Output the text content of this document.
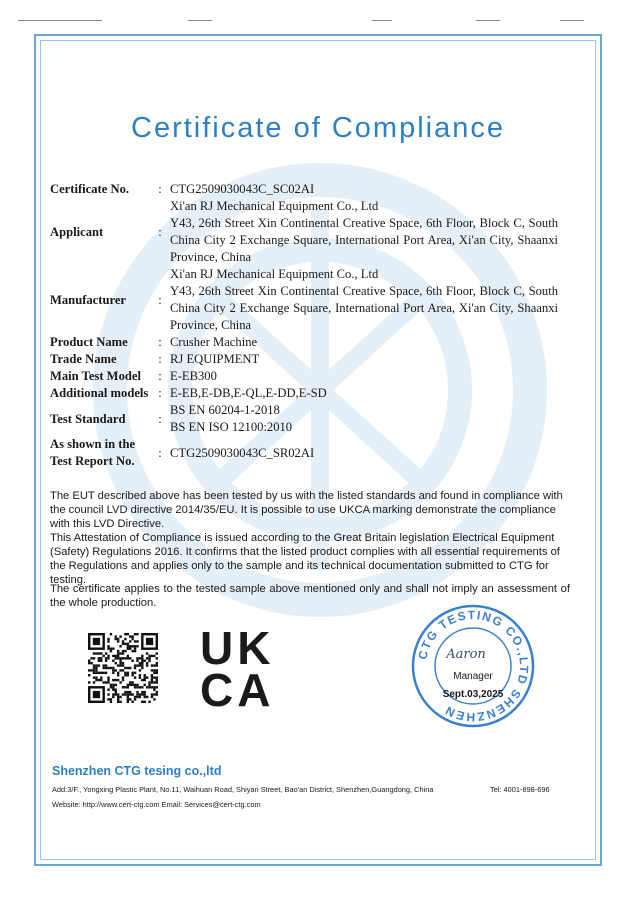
Certificate of Compliance
Certificate No.	:	CTG2509030043C_SC02AI

Applicant	:	Xi'an RJ Mechanical Equipment Co., Ltd
Y43, 26th Street Xin Continental Creative Space, 6th Floor, Block C, South China City 2 Exchange Square, International Port Area, Xi'an City, Shaanxi Province, China

Manufacturer	:	Xi'an RJ Mechanical Equipment Co., Ltd
Y43, 26th Street Xin Continental Creative Space, 6th Floor, Block C, South China City 2 Exchange Square, International Port Area, Xi'an City, Shaanxi Province, China

Product Name	:	Crusher Machine

Trade Name	:	RJ EQUIPMENT

Main Test Model	:	E-EB300

Additional models	:	E-EB,E-DB,E-QL,E-DD,E-SD

Test Standard	:	BS EN 60204-1-2018
BS EN ISO 12100:2010

As shown in the Test Report No.	:	CTG2509030043C_SR02AI
The EUT described above has been tested by us with the listed standards and found in compliance with the council LVD directive 2014/35/EU. It is possible to use UKCA marking demonstrate the compliance with this LVD Directive.
This Attestation of Compliance is issued according to the Great Britain legislation Electrical Equipment (Safety) Regulations 2016. It confirms that the listed product complies with all essential requirements of the Regulations and applies only to the sample and its technical documentation submitted to CTG for testing.
The certificate applies to the tested sample above mentioned only and shall not imply an assessment of the whole production.
UK
CA
CTG TESTING CO.,LTD SHENZHEN
Manager
Sept.03,2025
Aaron
Shenzhen CTG tesing co.,ltd
Add:3/F., Yongxing Plastic Plant, No.11, Waihuan Road, Shiyan Street, Bao'an District, Shenzhen,Guangdong, China	Tel: 4001-898-696
Website: http://www.cert-ctg.com Email: Services@cert-ctg.com
